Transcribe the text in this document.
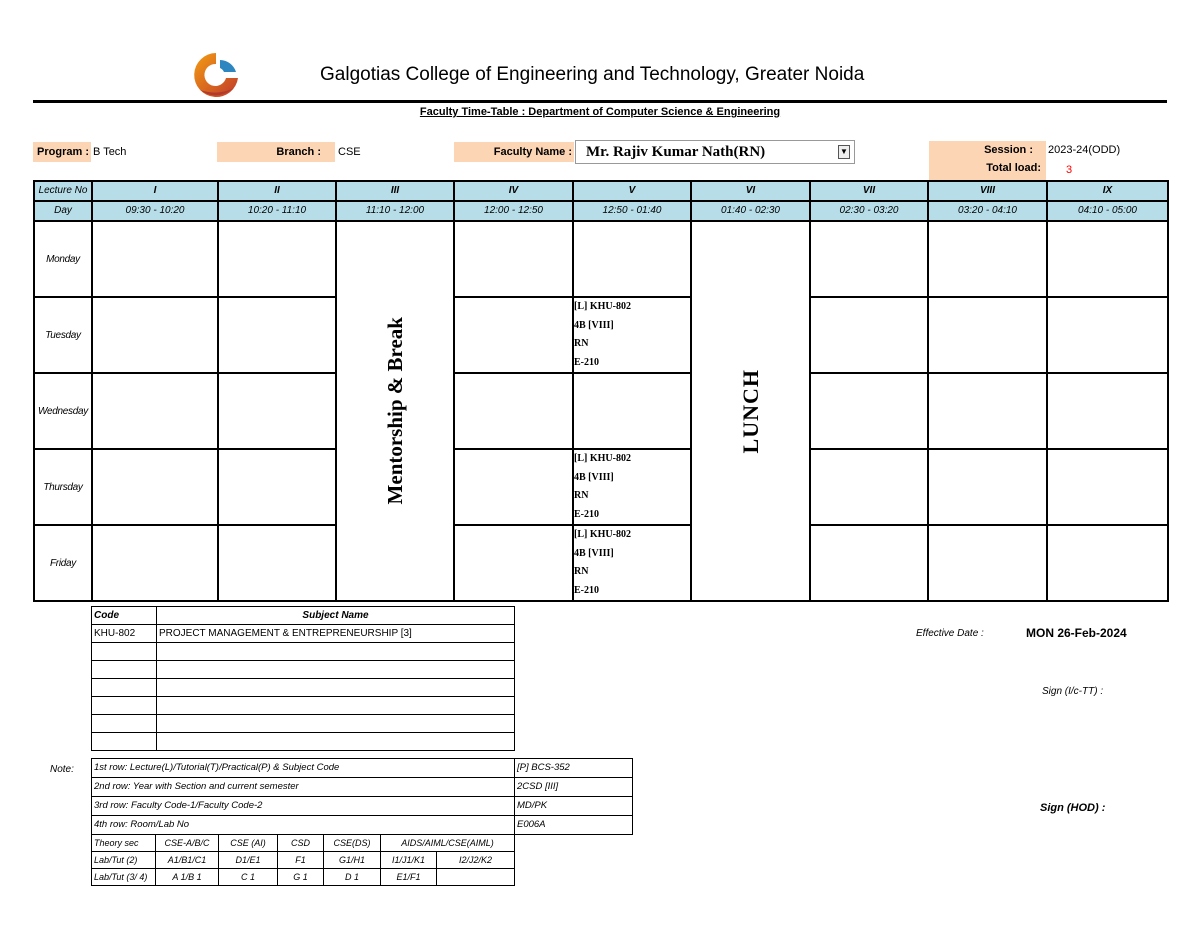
Galgotias College of Engineering and Technology, Greater Noida
Faculty Time-Table : Department of Computer Science & Engineering
Program : B Tech	Branch :	CSE	Faculty Name : Mr. Rajiv Kumar Nath(RN)	▼	Session : 2023-24(ODD)
Total load: 3
Lecture No	I	II	III	IV	V	VI	VII	VIII	IX
Day	09:30 - 10:20	10:20 - 11:10	11:10 - 12:00	12:00 - 12:50	12:50 - 01:40	01:40 - 02:30	02:30 - 03:20	03:20 - 04:10	04:10 - 05:00
Monday			Mentorship & Break			LUNCH			

Tuesday					[L] KHU-802
4B [VIII]
RN
E-210				

Wednesday									
Thursday					[L] KHU-802
4B [VIII]
RN
E-210				

Friday					[L] KHU-802
4B [VIII]
RN
E-210				

Code	Subject Name
KHU-802	PROJECT MANAGEMENT & ENTREPRENEURSHIP [3]

		Effective Date :	MON 26-Feb-2024
Sign (I/c-TT) :
Sign (HOD) :
Note: 1st row: Lecture(L)/Tutorial(T)/Practical(P) & Subject Code							[P] BCS-352
2nd row: Year with Section and current semester							2CSD [III]
3rd row: Faculty Code-1/Faculty Code-2							MD/PK
4th row: Room/Lab No							E006A
Theory sec	CSE-A/B/C	CSE (AI)	CSD	CSE(DS)	AIDS/AIML/CSE(AIML)		
Lab/Tut (2)	A1/B1/C1	D1/E1	F1	G1/H1	I1/J1/K1	I2/J2/K2	
Lab/Tut (3/ 4)	A 1/B 1	C 1	G 1	D 1	E1/F1		
